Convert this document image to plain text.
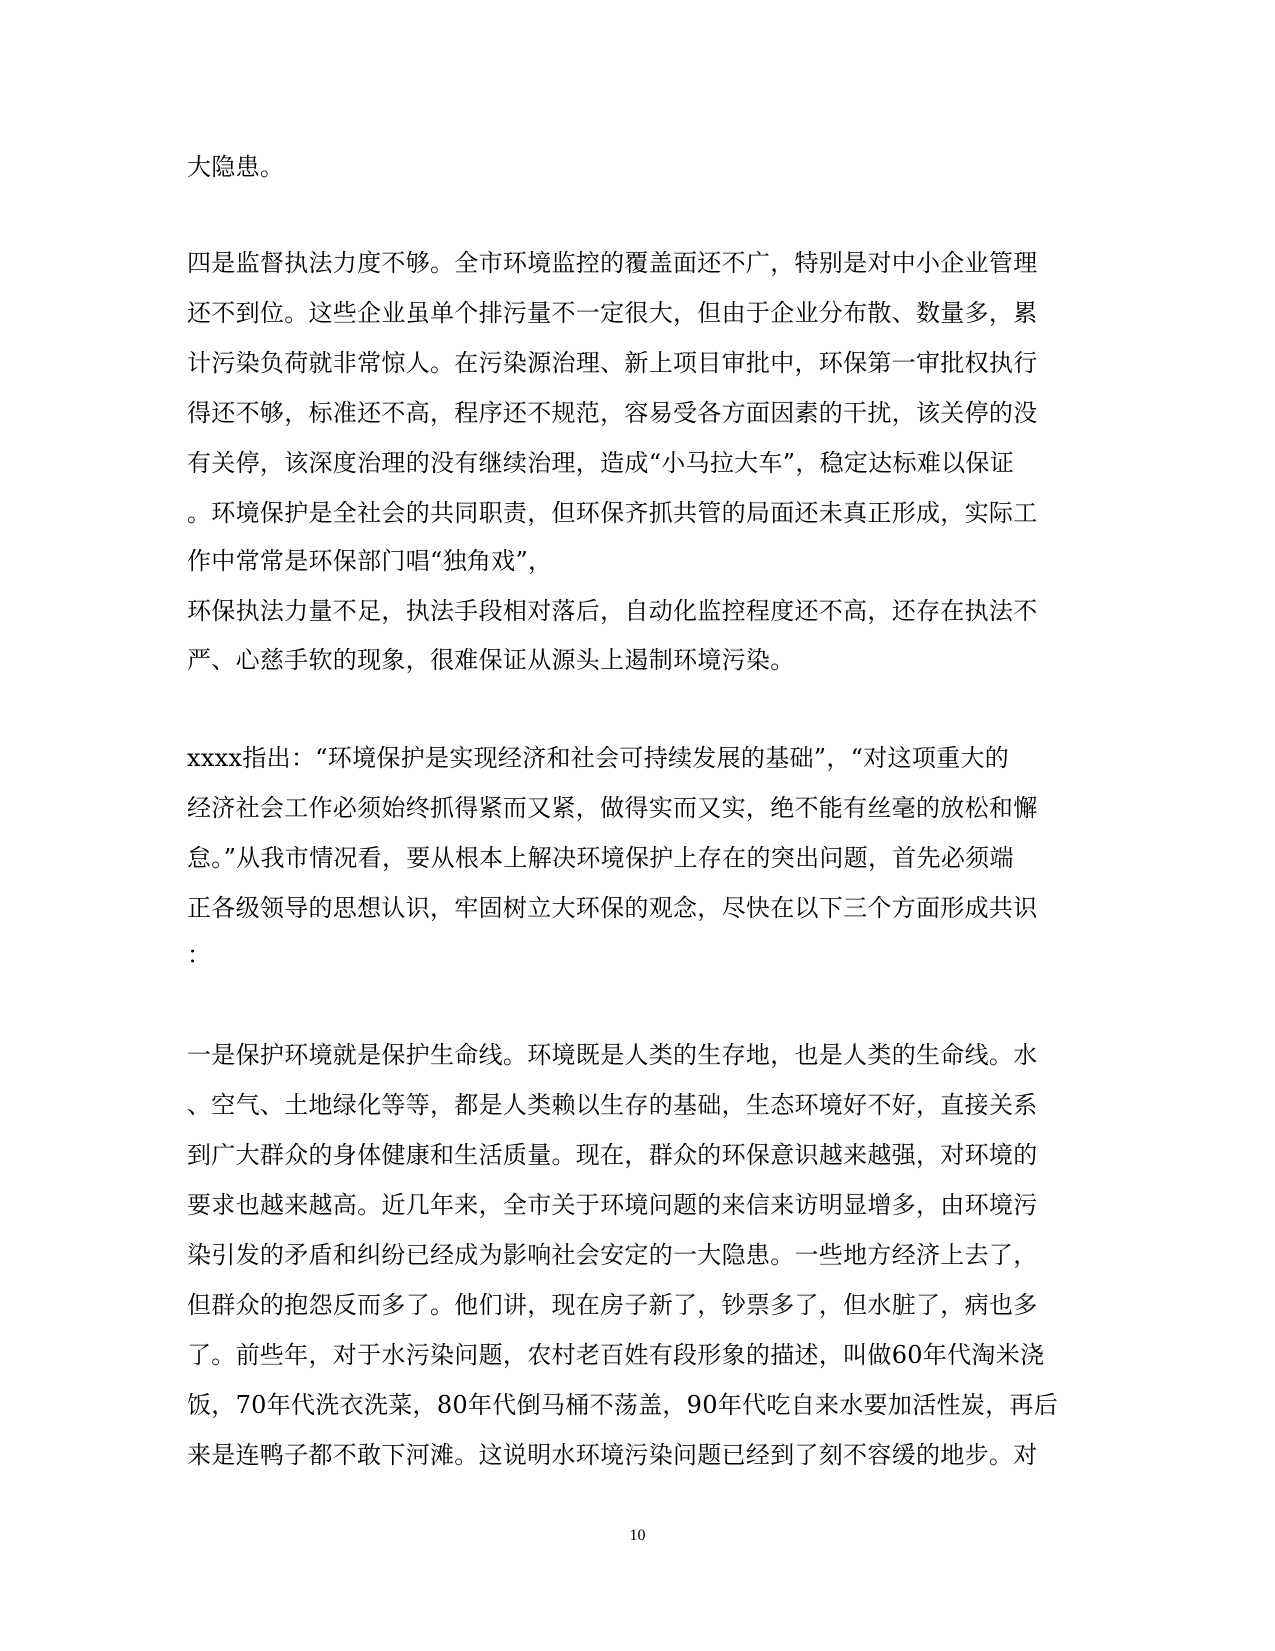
大隐患。
四是监督执法力度不够。全市环境监控的覆盖面还不广，特别是对中小企业管理
还不到位。这些企业虽单个排污量不一定很大，但由于企业分布散、数量多，累
计污染负荷就非常惊人。在污染源治理、新上项目审批中，环保第一审批权执行
得还不够，标准还不高，程序还不规范，容易受各方面因素的干扰，该关停的没
有关停，该深度治理的没有继续治理，造成“小马拉大车”，稳定达标难以保证
。环境保护是全社会的共同职责，但环保齐抓共管的局面还未真正形成，实际工
作中常常是环保部门唱“独角戏”，
环保执法力量不足，执法手段相对落后，自动化监控程度还不高，还存在执法不
严、心慈手软的现象，很难保证从源头上遏制环境污染。
xxxx指出：“环境保护是实现经济和社会可持续发展的基础”，“对这项重大的
经济社会工作必须始终抓得紧而又紧，做得实而又实，绝不能有丝毫的放松和懈
怠。”从我市情况看，要从根本上解决环境保护上存在的突出问题，首先必须端
正各级领导的思想认识，牢固树立大环保的观念，尽快在以下三个方面形成共识
：
一是保护环境就是保护生命线。环境既是人类的生存地，也是人类的生命线。水
、空气、土地绿化等等，都是人类赖以生存的基础，生态环境好不好，直接关系
到广大群众的身体健康和生活质量。现在，群众的环保意识越来越强，对环境的
要求也越来越高。近几年来，全市关于环境问题的来信来访明显增多，由环境污
染引发的矛盾和纠纷已经成为影响社会安定的一大隐患。一些地方经济上去了，
但群众的抱怨反而多了。他们讲，现在房子新了，钞票多了，但水脏了，病也多
了。前些年，对于水污染问题，农村老百姓有段形象的描述，叫做60年代淘米浇
饭，70年代洗衣洗菜，80年代倒马桶不荡盖，90年代吃自来水要加活性炭，再后
来是连鸭子都不敢下河滩。这说明水环境污染问题已经到了刻不容缓的地步。对
10
